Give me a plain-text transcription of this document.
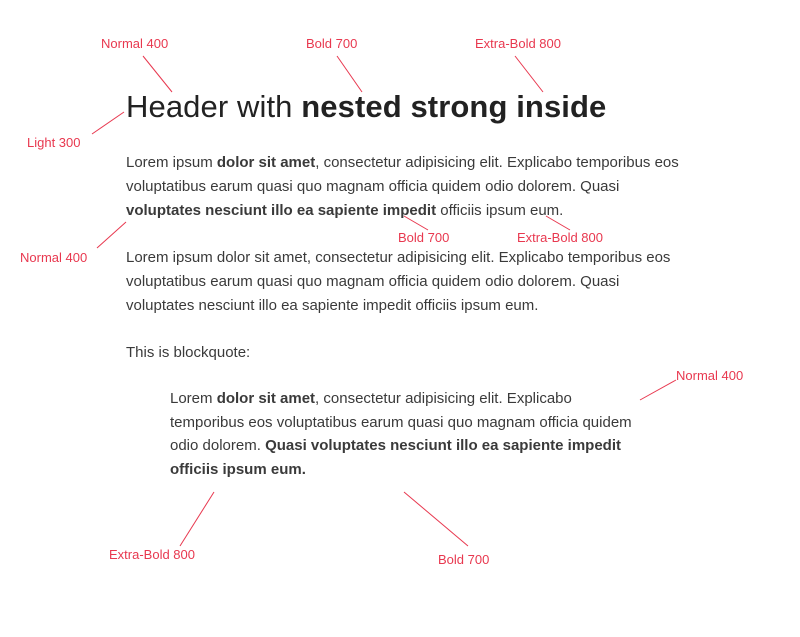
Normal 400	Bold 700	Extra-Bold 800
Light 300
Normal 400
Bold 700	Extra-Bold 800
Normal 400
Extra-Bold 800	Bold 700
Header with nested strong inside

Lorem ipsum dolor sit amet, consectetur adipisicing elit. Explicabo temporibus eos voluptatibus earum quasi quo magnam officia quidem odio dolorem. Quasi voluptates nesciunt illo ea sapiente impedit officiis ipsum eum.

Lorem ipsum dolor sit amet, consectetur adipisicing elit. Explicabo temporibus eos voluptatibus earum quasi quo magnam officia quidem odio dolorem. Quasi voluptates nesciunt illo ea sapiente impedit officiis ipsum eum.

This is blockquote:

Lorem dolor sit amet, consectetur adipisicing elit. Explicabo temporibus eos voluptatibus earum quasi quo magnam officia quidem odio dolorem. Quasi voluptates nesciunt illo ea sapiente impedit officiis ipsum eum.
